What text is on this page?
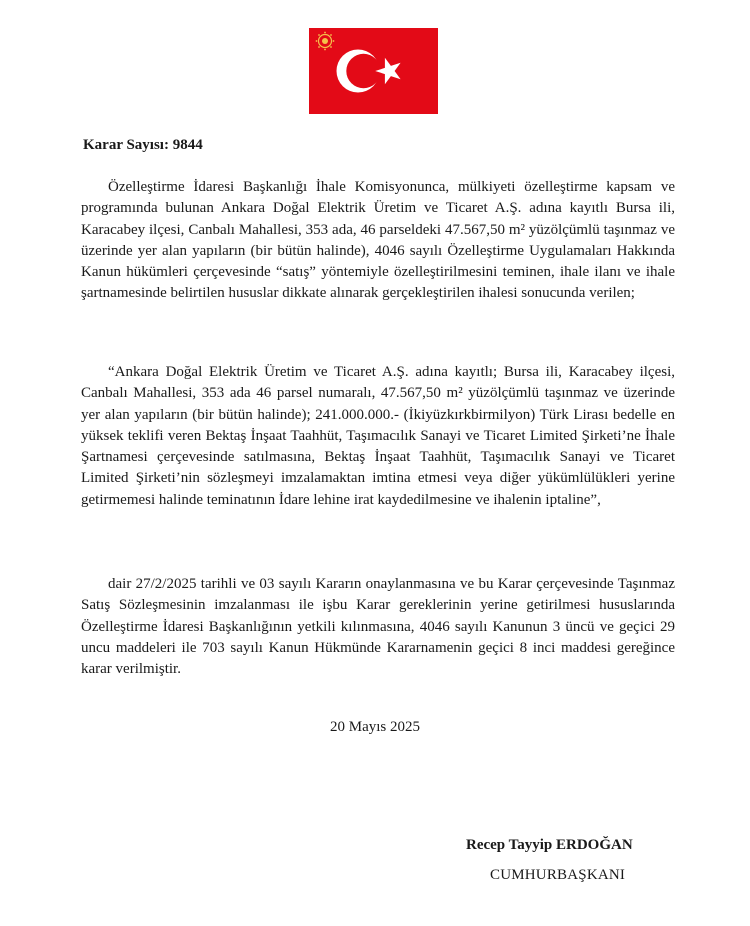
Karar Sayısı: 9844

Özelleştirme İdaresi Başkanlığı İhale Komisyonunca, mülkiyeti özelleştirme kapsam ve programında bulunan Ankara Doğal Elektrik Üretim ve Ticaret A.Ş. adına kayıtlı Bursa ili, Karacabey ilçesi, Canbalı Mahallesi, 353 ada, 46 parseldeki 47.567,50 m² yüzölçümlü taşınmaz ve üzerinde yer alan yapıların (bir bütün halinde), 4046 sayılı Özelleştirme Uygulamaları Hakkında Kanun hükümleri çerçevesinde “satış” yöntemiyle özelleştirilmesini teminen, ihale ilanı ve ihale şartnamesinde belirtilen hususlar dikkate alınarak gerçekleştirilen ihalesi sonucunda verilen;

“Ankara Doğal Elektrik Üretim ve Ticaret A.Ş. adına kayıtlı; Bursa ili, Karacabey ilçesi, Canbalı Mahallesi, 353 ada 46 parsel numaralı, 47.567,50 m² yüzölçümlü taşınmaz ve üzerinde yer alan yapıların (bir bütün halinde); 241.000.000.- (İkiyüzkırkbirmilyon) Türk Lirası bedelle en yüksek teklifi veren Bektaş İnşaat Taahhüt, Taşımacılık Sanayi ve Ticaret Limited Şirketi’ne İhale Şartnamesi çerçevesinde satılmasına, Bektaş İnşaat Taahhüt, Taşımacılık Sanayi ve Ticaret Limited Şirketi’nin sözleşmeyi imzalamaktan imtina etmesi veya diğer yükümlülükleri yerine getirmemesi halinde teminatının İdare lehine irat kaydedilmesine ve ihalenin iptaline”,

dair 27/2/2025 tarihli ve 03 sayılı Kararın onaylanmasına ve bu Karar çerçevesinde Taşınmaz Satış Sözleşmesinin imzalanması ile işbu Karar gereklerinin yerine getirilmesi hususlarında Özelleştirme İdaresi Başkanlığının yetkili kılınmasına, 4046 sayılı Kanunun 3 üncü ve geçici 29 uncu maddeleri ile 703 sayılı Kanun Hükmünde Kararnamenin geçici 8 inci maddesi gereğince karar verilmiştir.

20 Mayıs 2025

Recep Tayyip ERDOĞAN

CUMHURBAŞKANI
